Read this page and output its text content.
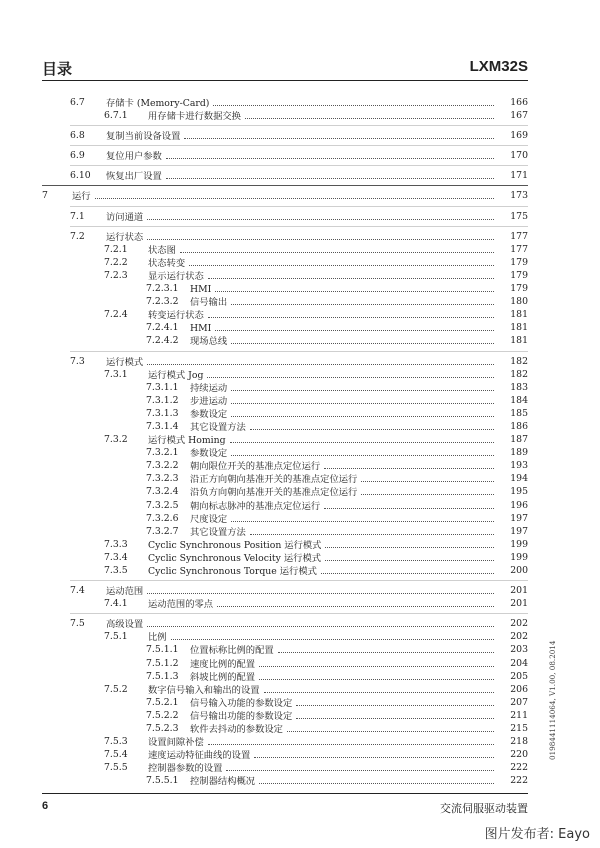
目录	LXM32S
6.7 存储卡 (Memory-Card)	166
6.7.1 用存储卡进行数据交换	167
6.8 复制当前设备设置	169
6.9 复位用户参数	170
6.10 恢复出厂设置	171
7	运行	173
7.1 访问通道	175
7.2 运行状态	177
7.2.1 状态图	177
7.2.2 状态转变	179
7.2.3 显示运行状态	179
7.2.3.1 HMI	179
7.2.3.2 信号输出	180
7.2.4 转变运行状态	181
7.2.4.1 HMI	181
7.2.4.2 现场总线	181
7.3 运行模式	182
7.3.1 运行模式 Jog	182
7.3.1.1 持续运动	183
7.3.1.2 步进运动	184
7.3.1.3 参数设定	185
7.3.1.4 其它设置方法	186
7.3.2 运行模式 Homing	187
7.3.2.1 参数设定	189
7.3.2.2 朝向限位开关的基准点定位运行	193
7.3.2.3 沿正方向朝向基准开关的基准点定位运行	194
7.3.2.4 沿负方向朝向基准开关的基准点定位运行	195
7.3.2.5 朝向标志脉冲的基准点定位运行	196
7.3.2.6 尺度设定	197
7.3.2.7 其它设置方法	197
7.3.3 Cyclic Synchronous Position 运行模式	199
7.3.4 Cyclic Synchronous Velocity 运行模式	199
7.3.5 Cyclic Synchronous Torque 运行模式	200
7.4 运动范围	201
7.4.1 运动范围的零点	201
7.5 高级设置	202
7.5.1 比例	202
7.5.1.1 位置标称比例的配置	203
7.5.1.2 速度比例的配置	204
7.5.1.3 斜坡比例的配置	205
7.5.2 数字信号输入和输出的设置	206
7.5.2.1 信号输入功能的参数设定	207
7.5.2.2 信号输出功能的参数设定	211
7.5.2.3 软件去抖动的参数设定	215
7.5.3 设置间隙补偿	218
7.5.4 速度运动特征曲线的设置	220
7.5.5 控制器参数的设置	222
7.5.5.1 控制器结构概况	222
0198441114064, V1.00, 08.2014
6	交流伺服驱动装置
图片发布者: Eayo
